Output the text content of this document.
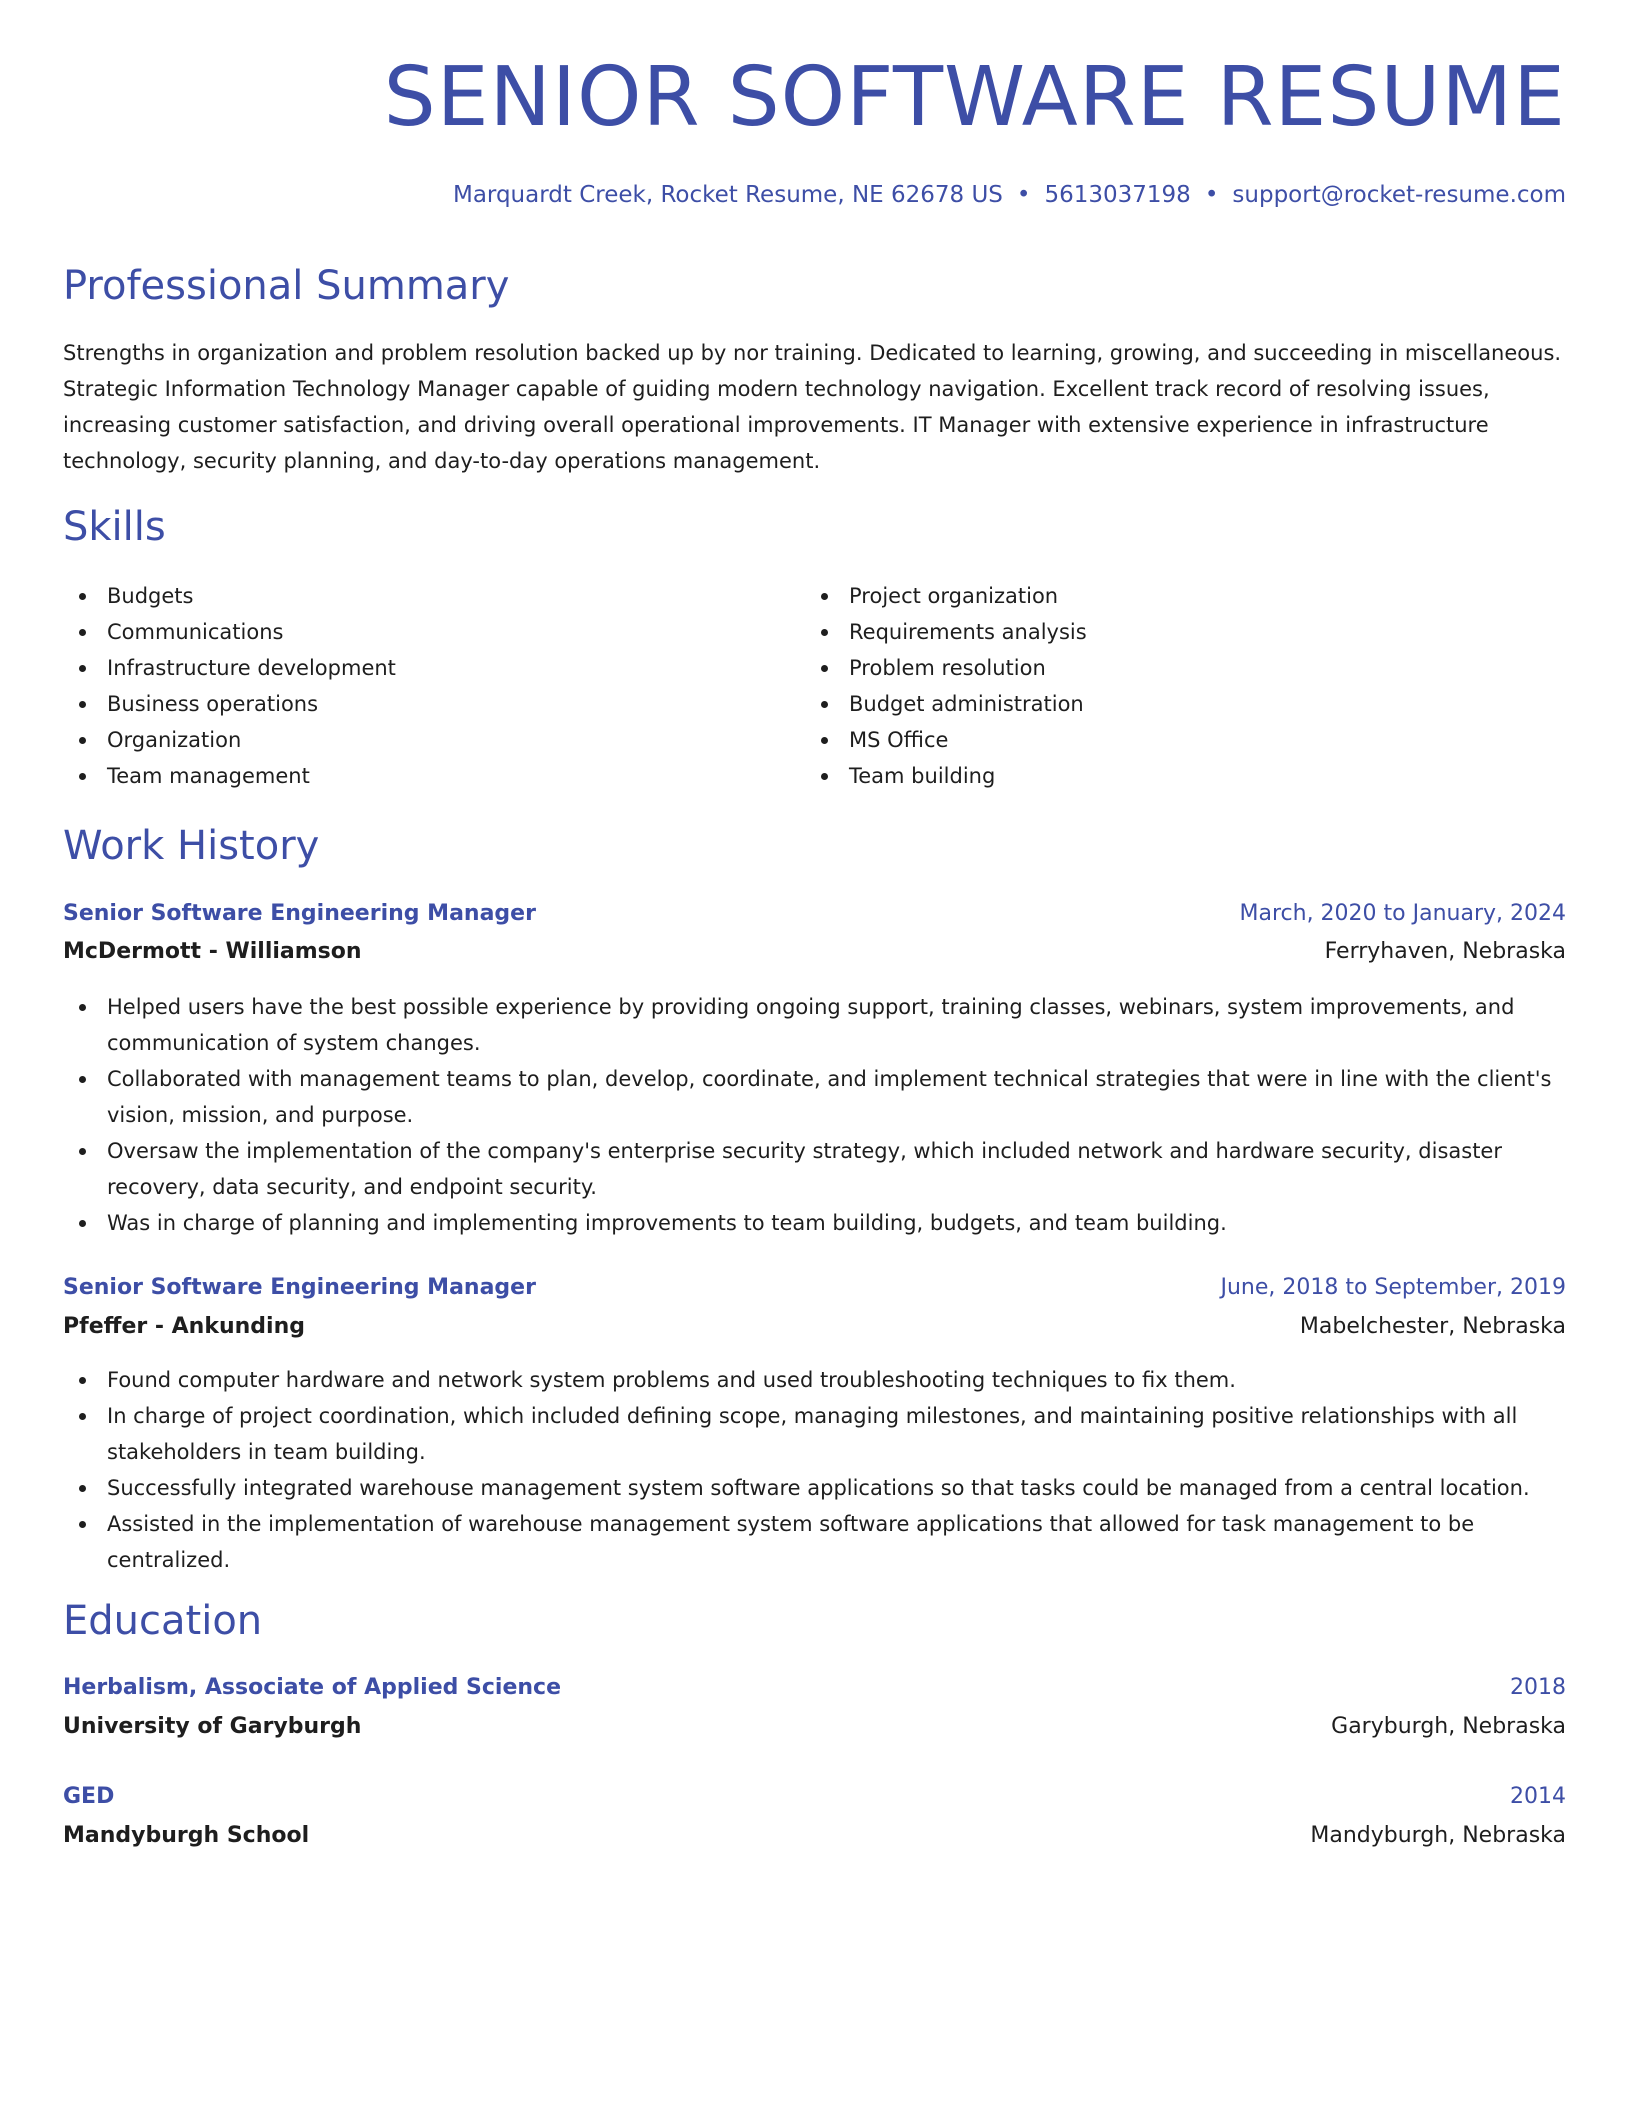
SENIOR SOFTWARE RESUME
Marquardt Creek, Rocket Resume, NE 62678 US • 5613037198 • support@rocket-resume.com
Professional Summary

Strengths in organization and problem resolution backed up by nor training. Dedicated to learning, growing, and succeeding in miscellaneous. Strategic Information Technology Manager capable of guiding modern technology navigation. Excellent track record of resolving issues, increasing customer satisfaction, and driving overall operational improvements. IT Manager with extensive experience in infrastructure technology, security planning, and day-to-day operations management.

Skills
Budgets
Communications
Infrastructure development
Business operations
Organization
Team management
Project organization
Requirements analysis
Problem resolution
Budget administration
MS Office
Team building
Work History
Senior Software Engineering Manager	March, 2020 to January, 2024
McDermott - Williamson	Ferryhaven, Nebraska
Helped users have the best possible experience by providing ongoing support, training classes, webinars, system improvements, and communication of system changes.
Collaborated with management teams to plan, develop, coordinate, and implement technical strategies that were in line with the client's vision, mission, and purpose.
Oversaw the implementation of the company's enterprise security strategy, which included network and hardware security, disaster recovery, data security, and endpoint security.
Was in charge of planning and implementing improvements to team building, budgets, and team building.
Senior Software Engineering Manager	June, 2018 to September, 2019
Pfeffer - Ankunding	Mabelchester, Nebraska
Found computer hardware and network system problems and used troubleshooting techniques to fix them.
In charge of project coordination, which included defining scope, managing milestones, and maintaining positive relationships with all stakeholders in team building.
Successfully integrated warehouse management system software applications so that tasks could be managed from a central location.
Assisted in the implementation of warehouse management system software applications that allowed for task management to be centralized.
Education
Herbalism, Associate of Applied Science	2018
University of Garyburgh	Garyburgh, Nebraska
GED	2014
Mandyburgh School	Mandyburgh, Nebraska
